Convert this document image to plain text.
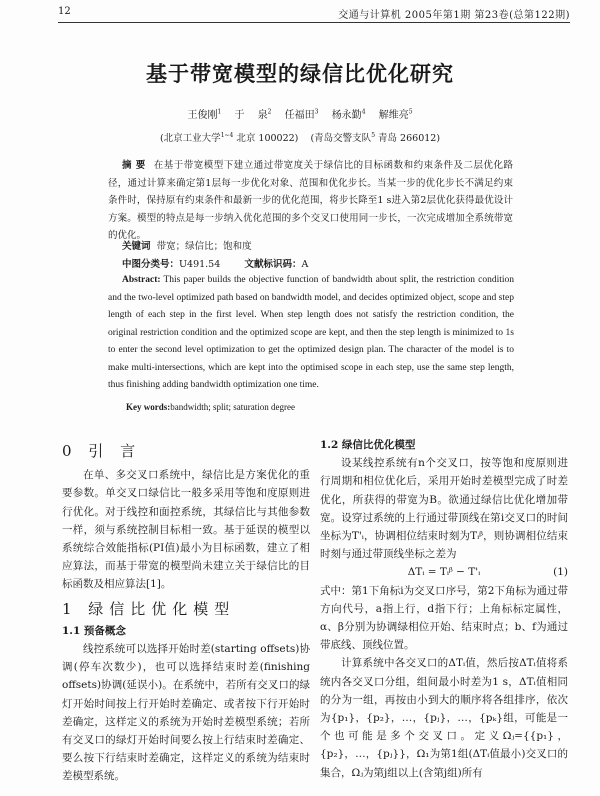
12	交通与计算机 2005年第1期 第23卷(总第122期)
基于带宽模型的绿信比优化研究
王俊刚$^1$ 于 泉$^2$ 任福田$^3$ 杨永勤$^4$ 解维亮$^5$
(北京工业大学$^{1\sim 4}$ 北京 100022) (青岛交警支队$^5$ 青岛 266012)
摘 要 在基于带宽模型下建立通过带宽度关于绿信比的目标函数和约束条件及二层优化路径，通过计算来确定第1层每一步优化对象、范围和优化步长。当某一步的优化步长不满足约束条件时，保持原有约束条件和最新一步的优化范围，将步长降至1 s进入第2层优化获得最优设计方案。模型的特点是每一步纳入优化范围的多个交叉口使用同一步长，一次完成增加全系统带宽的优化。
关键词 带宽；绿信比；饱和度
中图分类号：U491.54	文献标识码：A
Abstract: This paper builds the objective function of bandwidth about split, the restriction condition and the two-level optimized path based on bandwidth model, and decides optimized object, scope and step length of each step in the first level. When step length does not satisfy the restriction condition, the original restriction condition and the optimized scope are kept, and then the step length is minimized to 1s to enter the second level optimization to get the optimized design plan. The character of the model is to make multi-intersections, which are kept into the optimised scope in each step, use the same step length, thus finishing adding bandwidth optimization one time.
Key words:bandwidth; split; saturation degree
0 引 言

在单、多交叉口系统中，绿信比是方案优化的重要参数。单交叉口绿信比一般多采用等饱和度原则进行优化。对于线控和面控系统，其绿信比与其他参数一样，须与系统控制目标相一致。基于延误的模型以系统综合效能指标(PI值)最小为目标函数，建立了相应算法，而基于带宽的模型尚未建立关于绿信比的目标函数及相应算法[1]。

1 绿信比优化模型
1.1 预备概念

线控系统可以选择开始时差(starting offsets)协调(停车次数少)，也可以选择结束时差(finishing offsets)协调(延误小)。在系统中，若所有交叉口的绿灯开始时间按上行开始时差确定、或者按下行开始时差确定，这样定义的系统为开始时差模型系统；若所有交叉口的绿灯开始时间要么按上行结束时差确定、要么按下行结束时差确定，这样定义的系统为结束时差模型系统。

1.2 绿信比优化模型

设某线控系统有n个交叉口，按等饱和度原则进行周期和相位优化后，采用开始时差模型完成了时差优化，所获得的带宽为B。欲通过绿信比优化增加带宽。设穿过系统的上行通过带顶线在第i交叉口的时间坐标为T'ᵢ，协调相位结束时刻为Tᵢᵝ，则协调相位结束时刻与通过带顶线坐标之差为

ΔTᵢ = Tᵢᵝ − T'ᵢ	(1)

式中：第1下角标i为交叉口序号，第2下角标为通过带方向代号，a指上行，d指下行；上角标标定属性，α、β分别为协调绿相位开始、结束时点；b、f为通过带底线、顶线位置。

计算系统中各交叉口的ΔTᵢ值，然后按ΔTᵢ值将系统内各交叉口分组，组间最小时差为1 s，ΔTᵢ值相同的分为一组，再按由小到大的顺序将各组排序，依次为{p₁}，{p₂}，…，{pⱼ}，…，{pₖ}组，可能是一个也可能是多个交叉口。定义Ωⱼ={{p₁}，{p₂}，…，{pⱼ}}，Ω₁为第1组(ΔTᵢ值最小)交叉口的集合，Ωⱼ为第j组以上(含第j组)所有
